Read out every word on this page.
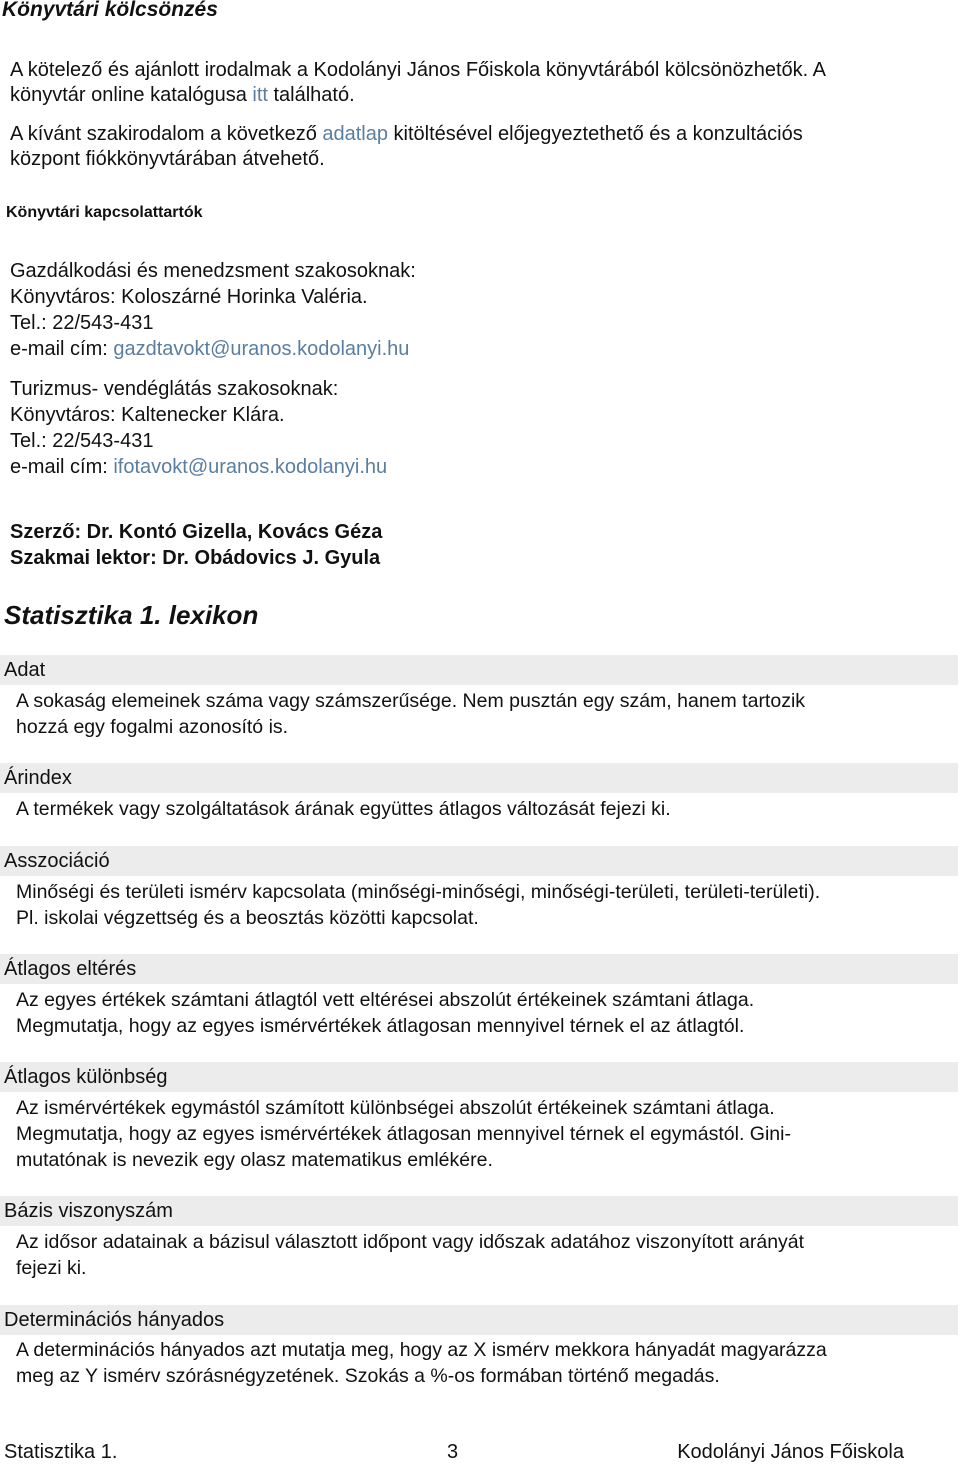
Könyvtári kölcsönzés
A kötelező és ajánlott irodalmak a Kodolányi János Főiskola könyvtárából kölcsönözhetők. A
könyvtár online katalógusa itt található.
A kívánt szakirodalom a következő adatlap kitöltésével előjegyeztethető és a konzultációs
központ fiókkönyvtárában átvehető.
Könyvtári kapcsolattartók
Gazdálkodási és menedzsment szakosoknak:
Könyvtáros: Koloszárné Horinka Valéria.
Tel.: 22/543-431
e-mail cím: gazdtavokt@uranos.kodolanyi.hu
Turizmus- vendéglátás szakosoknak:
Könyvtáros: Kaltenecker Klára.
Tel.: 22/543-431
e-mail cím: ifotavokt@uranos.kodolanyi.hu
Szerző: Dr. Kontó Gizella, Kovács Géza
Szakmai lektor: Dr. Obádovics J. Gyula
Statisztika 1. lexikon
Adat
A sokaság elemeinek száma vagy számszerűsége. Nem pusztán egy szám, hanem tartozik
hozzá egy fogalmi azonosító is.
Árindex
A termékek vagy szolgáltatások árának együttes átlagos változását fejezi ki.
Asszociáció
Minőségi és területi ismérv kapcsolata (minőségi-minőségi, minőségi-területi, területi-területi).
Pl. iskolai végzettség és a beosztás közötti kapcsolat.
Átlagos eltérés
Az egyes értékek számtani átlagtól vett eltérései abszolút értékeinek számtani átlaga.
Megmutatja, hogy az egyes ismérvértékek átlagosan mennyivel térnek el az átlagtól.
Átlagos különbség
Az ismérvértékek egymástól számított különbségei abszolút értékeinek számtani átlaga.
Megmutatja, hogy az egyes ismérvértékek átlagosan mennyivel térnek el egymástól. Gini-
mutatónak is nevezik egy olasz matematikus emlékére.
Bázis viszonyszám
Az idősor adatainak a bázisul választott időpont vagy időszak adatához viszonyított arányát
fejezi ki.
Determinációs hányados
A determinációs hányados azt mutatja meg, hogy az X ismérv mekkora hányadát magyarázza
meg az Y ismérv szórásnégyzetének. Szokás a %-os formában történő megadás.
Statisztika 1.	3	Kodolányi János Főiskola
